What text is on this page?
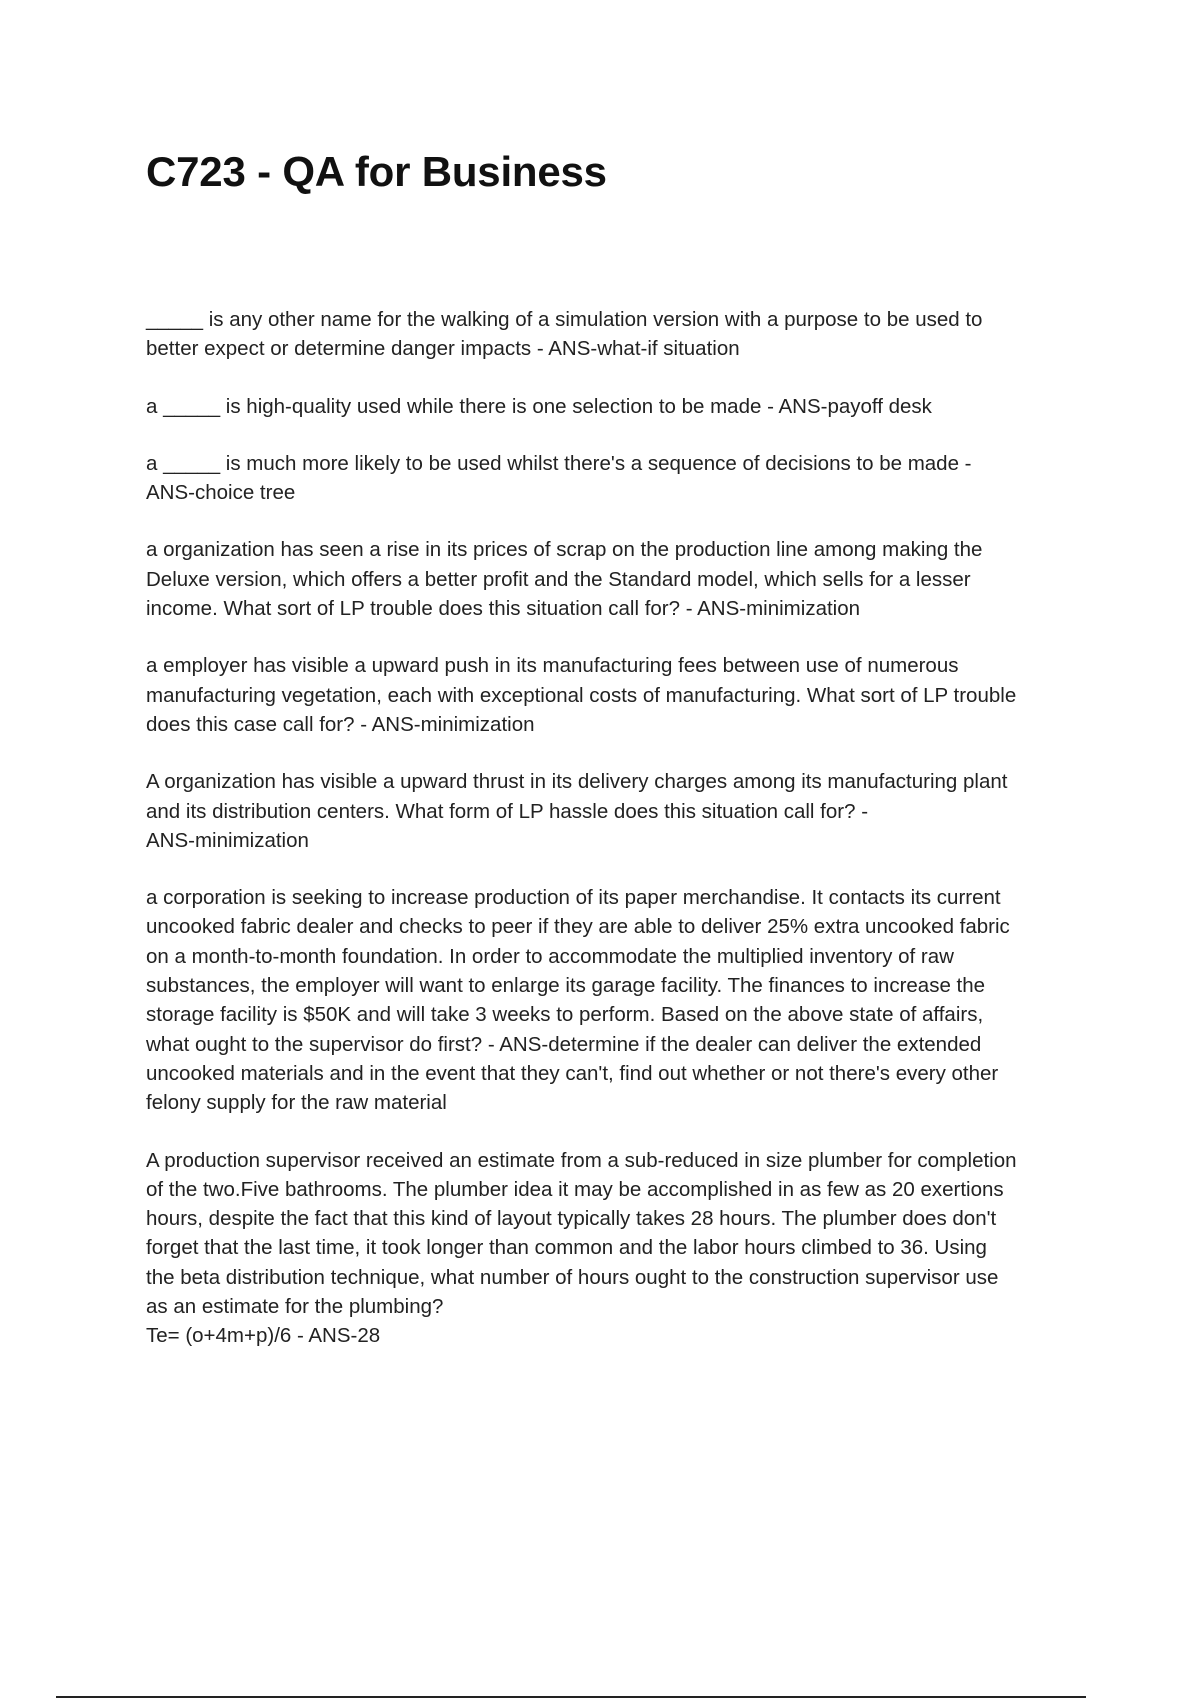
C723 - QA for Business

_____ is any other name for the walking of a simulation version with a purpose to be used to
better expect or determine danger impacts - ANS-what-if situation

a _____ is high-quality used while there is one selection to be made - ANS-payoff desk

a _____ is much more likely to be used whilst there's a sequence of decisions to be made -
ANS-choice tree

a organization has seen a rise in its prices of scrap on the production line among making the
Deluxe version, which offers a better profit and the Standard model, which sells for a lesser
income. What sort of LP trouble does this situation call for? - ANS-minimization

a employer has visible a upward push in its manufacturing fees between use of numerous
manufacturing vegetation, each with exceptional costs of manufacturing. What sort of LP trouble
does this case call for? - ANS-minimization

A organization has visible a upward thrust in its delivery charges among its manufacturing plant
and its distribution centers. What form of LP hassle does this situation call for? -
ANS-minimization

a corporation is seeking to increase production of its paper merchandise. It contacts its current
uncooked fabric dealer and checks to peer if they are able to deliver 25% extra uncooked fabric
on a month-to-month foundation. In order to accommodate the multiplied inventory of raw
substances, the employer will want to enlarge its garage facility. The finances to increase the
storage facility is $50K and will take 3 weeks to perform. Based on the above state of affairs,
what ought to the supervisor do first? - ANS-determine if the dealer can deliver the extended
uncooked materials and in the event that they can't, find out whether or not there's every other
felony supply for the raw material

A production supervisor received an estimate from a sub-reduced in size plumber for completion
of the two.Five bathrooms. The plumber idea it may be accomplished in as few as 20 exertions
hours, despite the fact that this kind of layout typically takes 28 hours. The plumber does don't
forget that the last time, it took longer than common and the labor hours climbed to 36. Using
the beta distribution technique, what number of hours ought to the construction supervisor use
as an estimate for the plumbing?
Te= (o+4m+p)/6 - ANS-28
